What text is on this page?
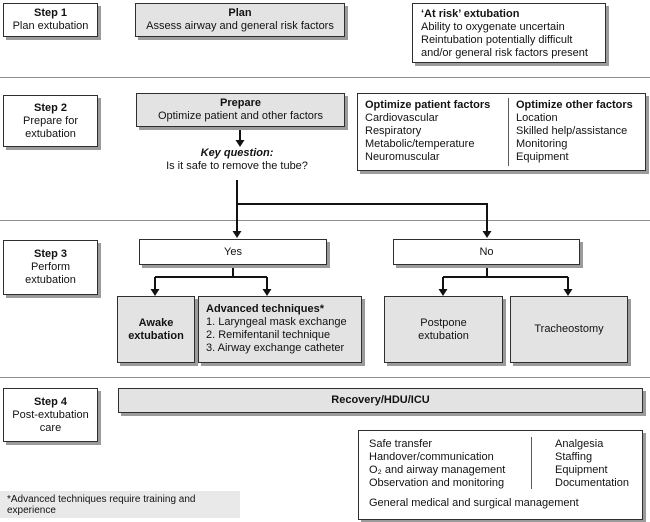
Step 1
Plan extubation
Plan
Assess airway and general risk factors
‘At risk’ extubation
Ability to oxygenate uncertain
Reintubation potentially difficult
and/or general risk factors present
Step 2
Prepare for
extubation
Prepare
Optimize patient and other factors
Optimize patient factors
Cardiovascular
Respiratory
Metabolic/temperature
Neuromuscular
Optimize other factors
Location
Skilled help/assistance
Monitoring
Equipment
Key question:
Is it safe to remove the tube?
Step 3
Perform
extubation
Yes	No
Awake
extubation
Advanced techniques*
1. Laryngeal mask exchange
2. Remifentanil technique
3. Airway exchange catheter
Postpone
extubation
Tracheostomy
Step 4
Post-extubation
care
Recovery/HDU/ICU
Safe transfer
Handover/communication
O₂ and airway management
Observation and monitoring
Analgesia
Staffing
Equipment
Documentation
General medical and surgical management
*Advanced techniques require training and experience
